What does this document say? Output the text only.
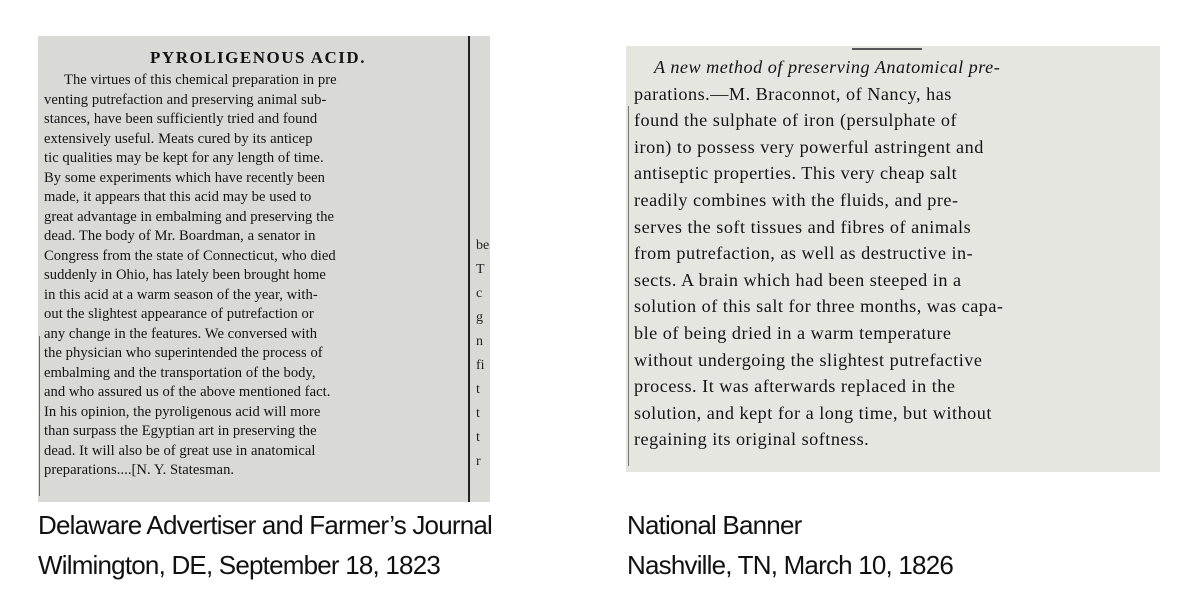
PYROLIGENOUS ACID.
The virtues of this chemical preparation in pre
venting putrefaction and preserving animal sub-
stances, have been sufficiently tried and found
extensively useful. Meats cured by its anticep
tic qualities may be kept for any length of time.
By some experiments which have recently been
made, it appears that this acid may be used to
great advantage in embalming and preserving the
dead. The body of Mr. Boardman, a senator in
Congress from the state of Connecticut, who died
suddenly in Ohio, has lately been brought home
in this acid at a warm season of the year, with-
out the slightest appearance of putrefaction or
any change in the features. We conversed with
the physician who superintended the process of
embalming and the transportation of the body,
and who assured us of the above mentioned fact.
In his opinion, the pyroligenous acid will more
than surpass the Egyptian art in preserving the
dead. It will also be of great use in anatomical
preparations....[N. Y. Statesman.
be
T
c
g
n
fi
t
t
t
r
A new method of preserving Anatomical pre-
parations.—M. Braconnot, of Nancy, has
found the sulphate of iron (persulphate of
iron) to possess very powerful astringent and
antiseptic properties. This very cheap salt
readily combines with the fluids, and pre-
serves the soft tissues and fibres of animals
from putrefaction, as well as destructive in-
sects. A brain which had been steeped in a
solution of this salt for three months, was capa-
ble of being dried in a warm temperature
without undergoing the slightest putrefactive
process. It was afterwards replaced in the
solution, and kept for a long time, but without
regaining its original softness.
Delaware Advertiser and Farmer’s Journal
Wilmington, DE, September 18, 1823
National Banner
Nashville, TN, March 10, 1826
